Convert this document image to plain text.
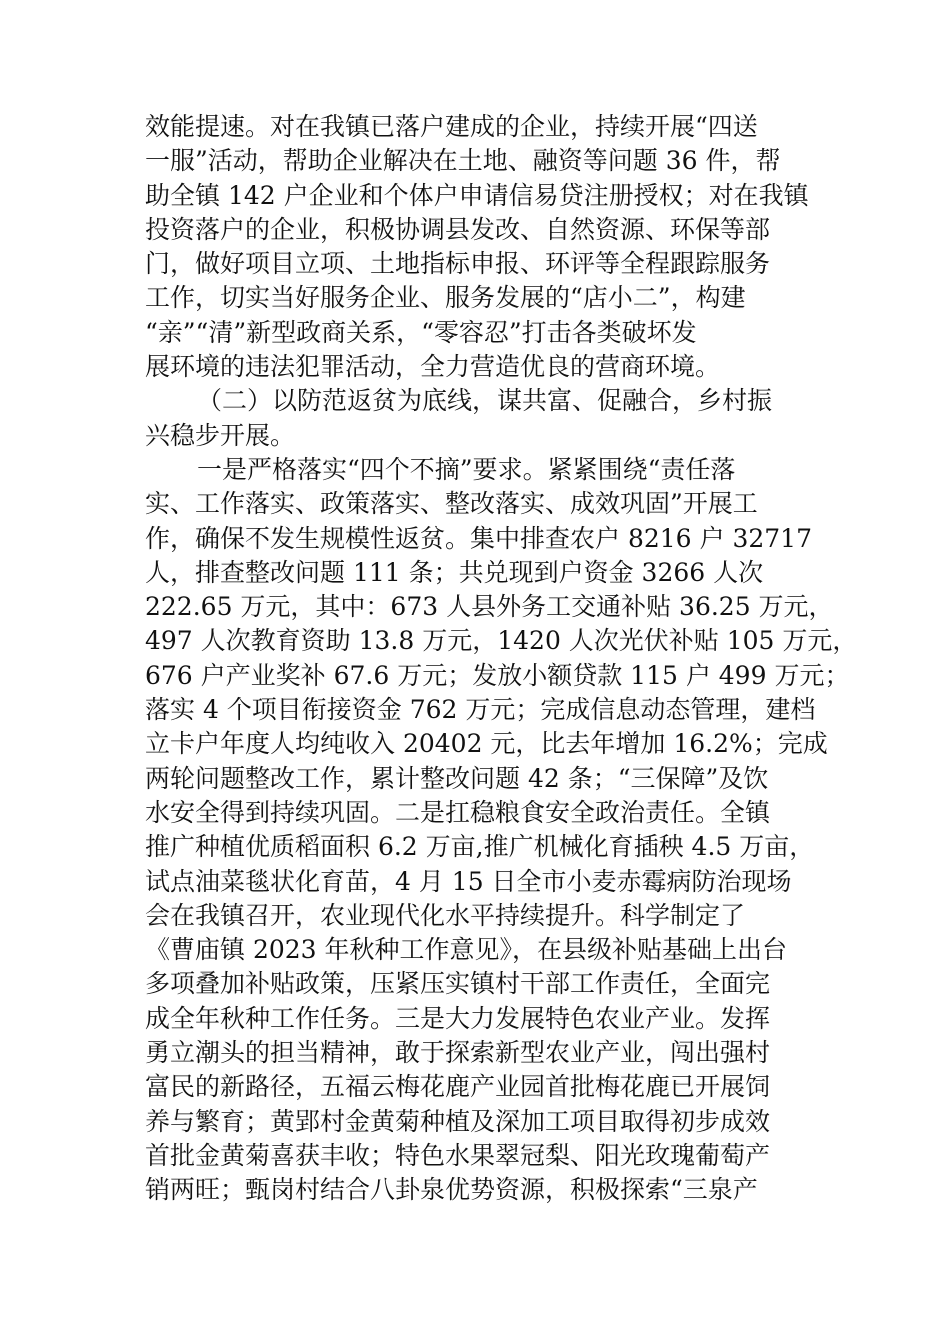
效能提速。对在我镇已落户建成的企业，持续开展“四送
一服”活动，帮助企业解决在土地、融资等问题 36 件，帮
助全镇 142 户企业和个体户申请信易贷注册授权；对在我镇
投资落户的企业，积极协调县发改、自然资源、环保等部
门，做好项目立项、土地指标申报、环评等全程跟踪服务
工作，切实当好服务企业、服务发展的“店小二”，构建
“亲”“清”新型政商关系，“零容忍”打击各类破坏发
展环境的违法犯罪活动，全力营造优良的营商环境。
（二）以防范返贫为底线，谋共富、促融合，乡村振
兴稳步开展。
一是严格落实“四个不摘”要求。紧紧围绕“责任落
实、工作落实、政策落实、整改落实、成效巩固”开展工
作，确保不发生规模性返贫。集中排查农户 8216 户 32717
人，排查整改问题 111 条；共兑现到户资金 3266 人次
222.65 万元，其中：673 人县外务工交通补贴 36.25 万元，
497 人次教育资助 13.8 万元，1420 人次光伏补贴 105 万元，
676 户产业奖补 67.6 万元；发放小额贷款 115 户 499 万元；
落实 4 个项目衔接资金 762 万元；完成信息动态管理，建档
立卡户年度人均纯收入 20402 元，比去年增加 16.2%；完成
两轮问题整改工作，累计整改问题 42 条；“三保障”及饮
水安全得到持续巩固。二是扛稳粮食安全政治责任。全镇
推广种植优质稻面积 6.2 万亩,推广机械化育插秧 4.5 万亩，
试点油菜毯状化育苗，4 月 15 日全市小麦赤霉病防治现场
会在我镇召开，农业现代化水平持续提升。科学制定了
《曹庙镇 2023 年秋种工作意见》，在县级补贴基础上出台
多项叠加补贴政策，压紧压实镇村干部工作责任，全面完
成全年秋种工作任务。三是大力发展特色农业产业。发挥
勇立潮头的担当精神，敢于探索新型农业产业，闯出强村
富民的新路径，五福云梅花鹿产业园首批梅花鹿已开展饲
养与繁育；黄郢村金黄菊种植及深加工项目取得初步成效
首批金黄菊喜获丰收；特色水果翠冠梨、阳光玫瑰葡萄产
销两旺；甄岗村结合八卦泉优势资源，积极探索“三泉产
